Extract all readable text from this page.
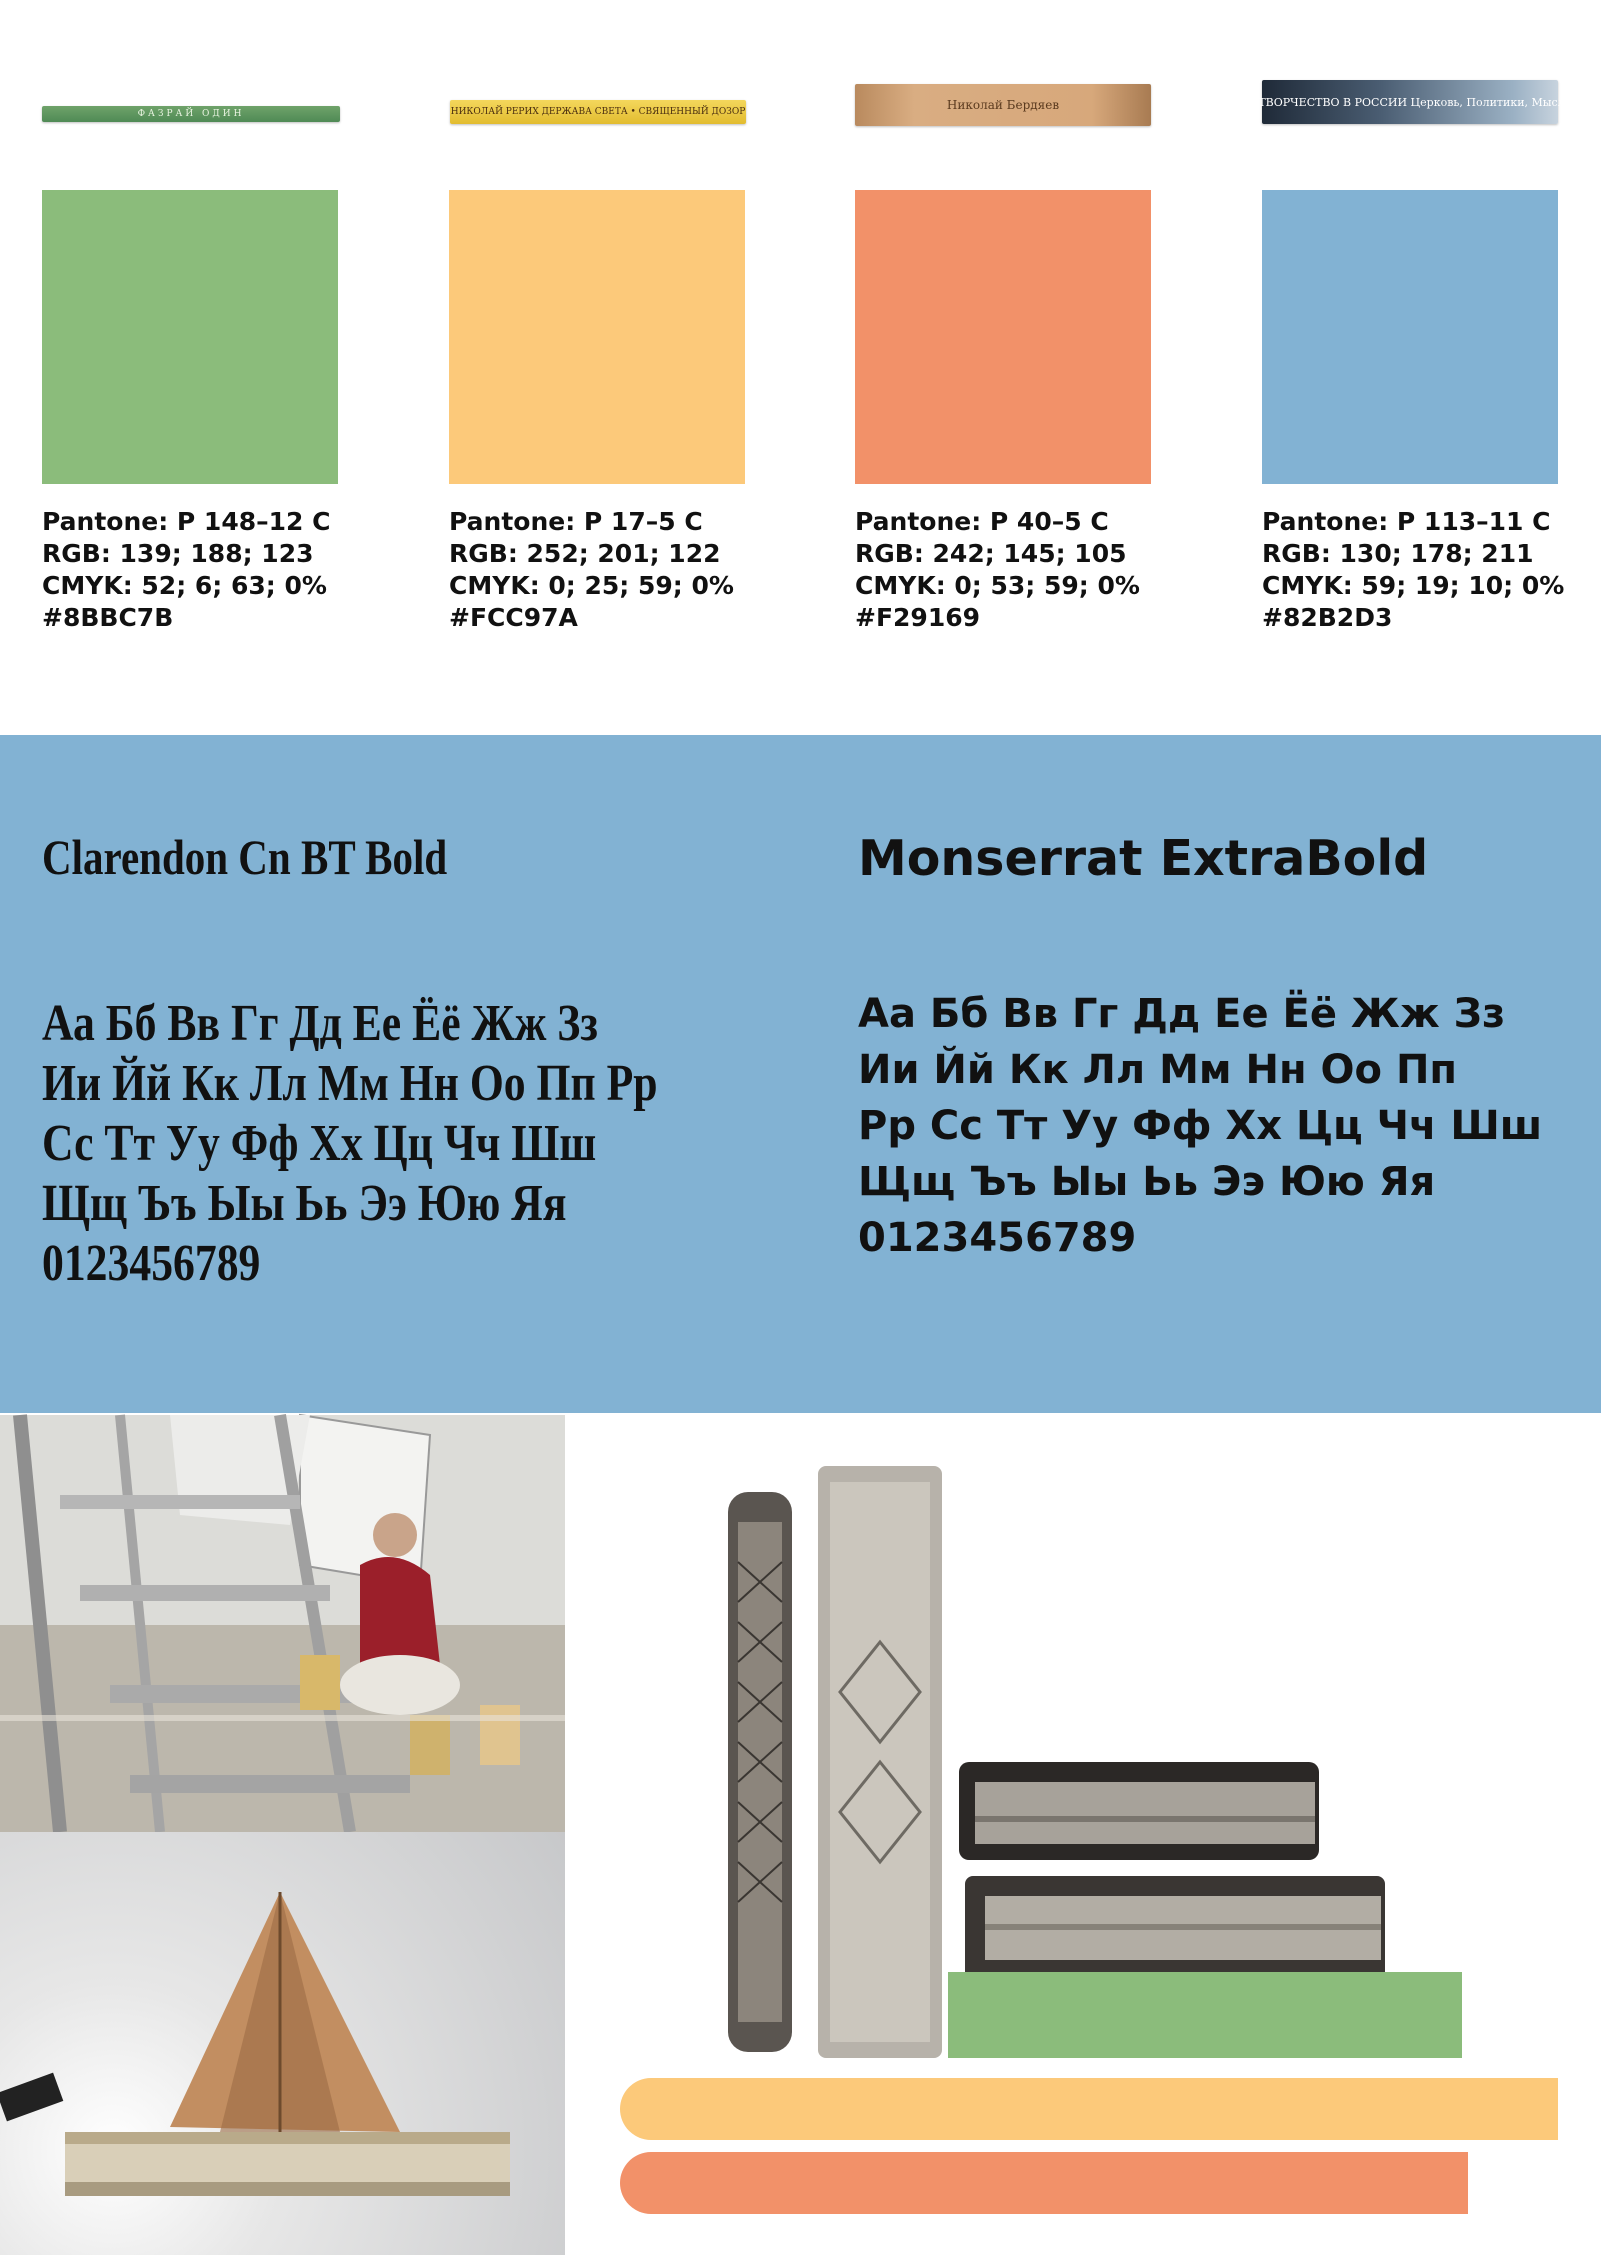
ФАЗРАЙ ОДИН	НИКОЛАЙ РЕРИХ ДЕРЖАВА СВЕТА • СВЯЩЕННЫЙ ДОЗОР	Николай Бердяев	МИРОТВОРЧЕСТВО В РОССИИ Церковь, Политики, Мыслители
Pantone: P 148–12 C
RGB: 139; 188; 123
CMYK: 52; 6; 63; 0%
#8BBC7B
Pantone: P 17–5 C
RGB: 252; 201; 122
CMYK: 0; 25; 59; 0%
#FCC97A
Pantone: P 40–5 C
RGB: 242; 145; 105
CMYK: 0; 53; 59; 0%
#F29169
Pantone: P 113–11 C
RGB: 130; 178; 211
CMYK: 59; 19; 10; 0%
#82B2D3
Clarendon Cn BT Bold	Monserrat ExtraBold
Аа Бб Вв Гг Дд Ее Ёё Жж Зз
Ии Йй Кк Лл Мм Нн Оо Пп Рр
Сс Тт Уу Фф Хх Цц Чч Шш
Щщ Ъъ Ыы Ьь Ээ Юю Яя
0123456789
Аа Бб Вв Гг Дд Ее Ёё Жж Зз
Ии Йй Кк Лл Мм Нн Оо Пп
Рр Сс Тт Уу Фф Хх Цц Чч Шш
Щщ Ъъ Ыы Ьь Ээ Юю Яя
0123456789
